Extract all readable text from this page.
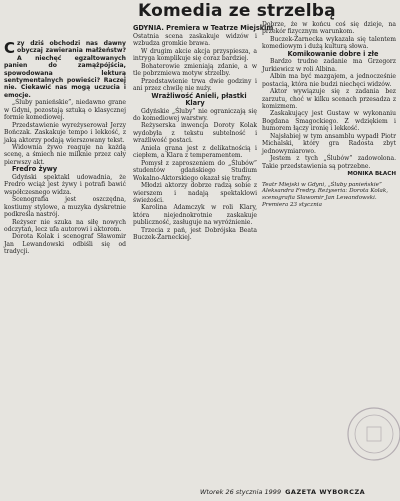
Komedia ze strzelbą
GDYNIA. Premiera w Teatrze Miejskim
Czy dziś obchodzi nas dawny obyczaj zawierania małżeństw? A niechęć egzaltowanych panien do zamążpójścia, spowodowana lekturą sentymentalnych powieści? Raczej nie. Ciekawić nas mogą uczucia i emocje.

„Śluby panieńskie”, niedawno grane w Gdyni, pozostają sztuką o klasycznej formie komediowej.

Przedstawienie wyreżyserował Jerzy Bończak. Zaskakuje tempo i lekkość, z jaką aktorzy podają wierszowany tekst.

Widownia żywo reaguje na każdą scenę, a śmiech nie milknie przez cały pierwszy akt.

Fredro żywy

Gdyński spektakl udowadnia, że Fredro wciąż jest żywy i potrafi bawić współczesnego widza.

Scenografia jest oszczędna, kostiumy stylowe, a muzyka dyskretnie podkreśla nastrój.

Reżyser nie szuka na siłę nowych odczytań, lecz ufa autorowi i aktorom.

Dorota Kolak i scenograf Sławomir Jan Lewandowski odbiśli się od tradycji.

Ostatnia scena zaskakuje widzów i wzbudza gromkie brawa.

W drugim akcie akcja przyspiesza, a intryga komplikuje się coraz bardziej.

Bohaterowie zmieniają zdanie, a w tle pobrzmiewa motyw strzelby.

Przedstawienie trwa dwie godziny i ani przez chwilę nie nuży.

Wrażliwość Anieli, płastki Klary

Gdyńskie „Śluby” nie ograniczają się do komediowej warstwy.

Reżyserska inwencja Doroty Kolak wydobyła z tekstu subtelność i wrażliwość postaci.

Aniela grana jest z delikatnością i ciepłem, a Klara z temperamentem.

Pomysł z zaproszeniem do „Ślubów” studentów gdańskiego Studium Wokalno-Aktorskiego okazał się trafny.

Młodzi aktorzy dobrze radzą sobie z wierszem i nadają spektaklowi świeżości.

Karolina Adamczyk w roli Klary, która niejednokrotnie zaskakuje publiczność, zasługuje na wyróżnienie.

Trzecia z pań, jest Dobrójska Beata Buczek-Żarneckiej.

Dobrze, że w końcu coś się dzieje, na przekór fizycznym warunkom.

Buczek-Żarnecka wykazała się talentem komediowym i dużą kulturą słowa.

Komikowanie dobre i złe

Bardzo trudne zadanie ma Grzegorz Jurkiewicz w roli Albina.

Albin ma być mazgajem, a jednocześnie postacią, która nie budzi niechęci widzów.

Aktor wywiązuje się z zadania bez zarzutu, choć w kilku scenach przesadza z komizmem.

Zaskakujący jest Gustaw w wykonaniu Bogdana Smagockiego. Z wdziękiem i humorem łączy ironię i lekkość.

Najsłabiej w tym ansamblu wypadł Piotr Michalski, który gra Radosta zbyt jednowymiarowo.

Jestem z tych „Ślubów” zadowolona. Takie przedstawienia są potrzebne.

MONIKA BŁACH
Teatr Miejski w Gdyni, „Śluby panieńskie” Aleksandra Fredry. Reżyseria: Dorota Kolak, scenografia Sławomir Jan Lewandowski. Premiera 23 stycznia
Wtorek 26 stycznia 1999 GAZETA WYBORCZA
